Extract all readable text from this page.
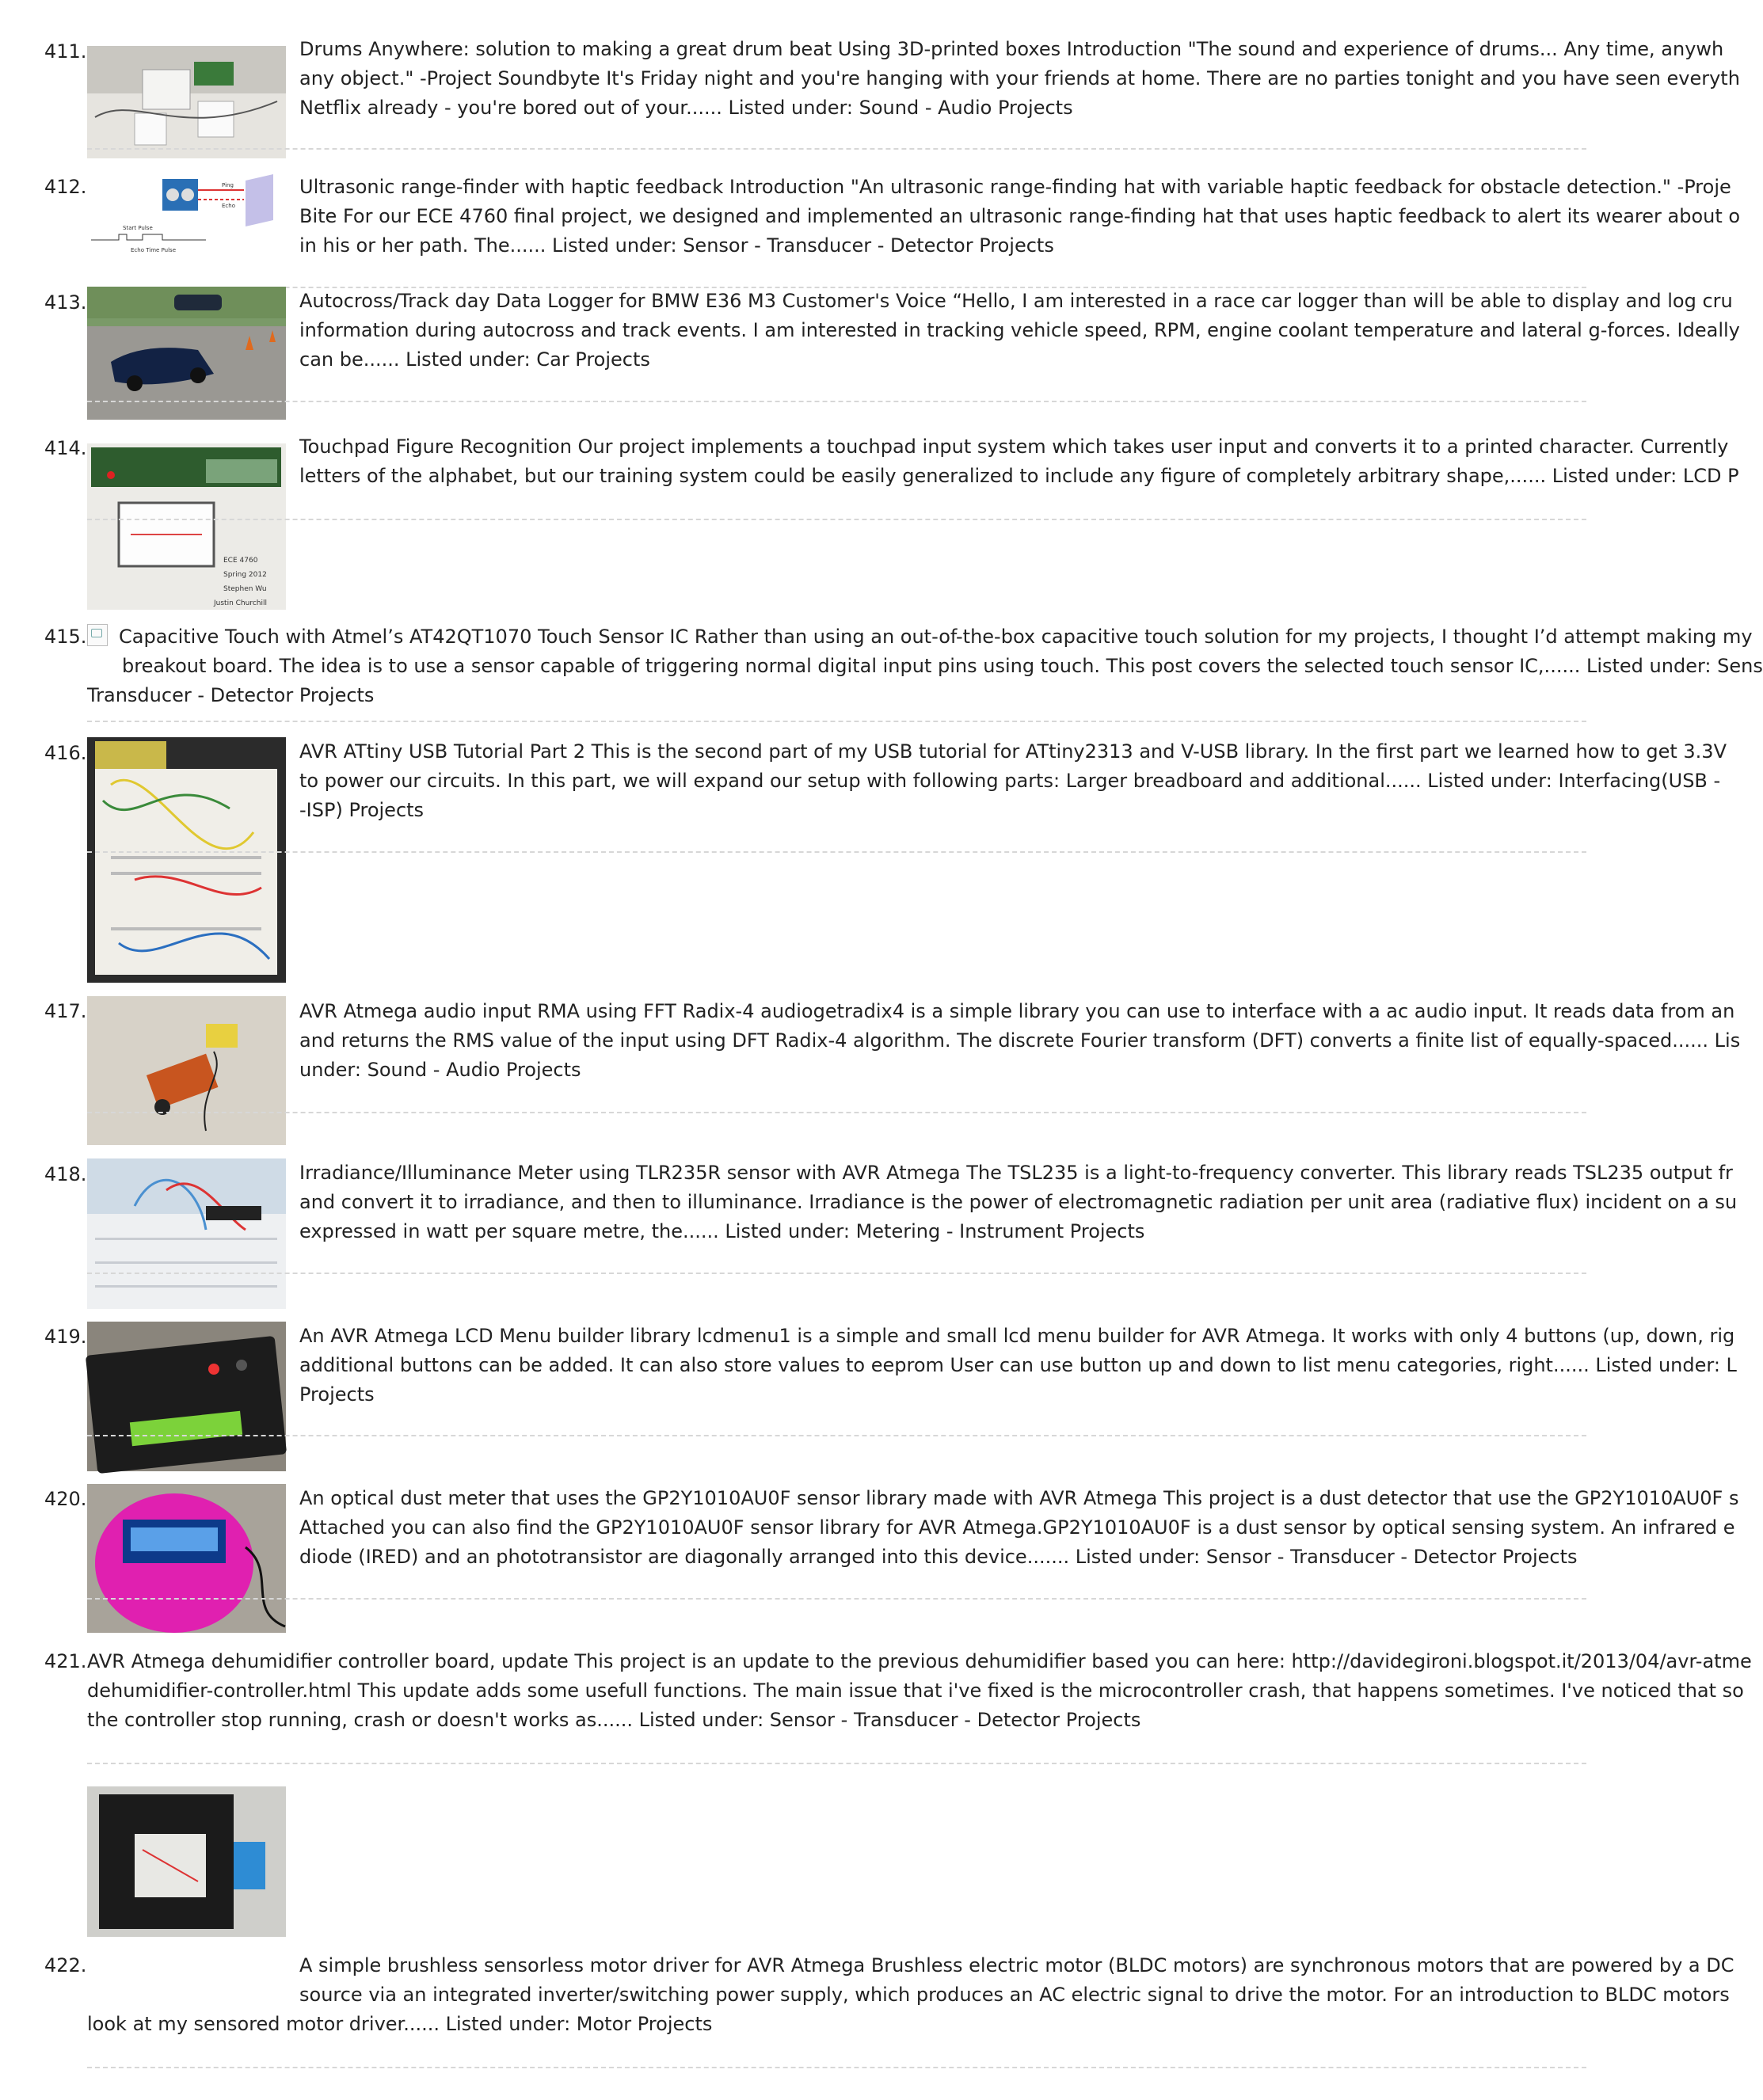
411.	Drums Anywhere: solution to making a great drum beat Using 3D-printed boxes Introduction "The sound and experience of drums... Any time, anywh
any object." -Project Soundbyte It's Friday night and you're hanging with your friends at home. There are no parties tonight and you have seen everyth
Netflix already - you're bored out of your...... Listed under: Sound - Audio Projects
412.	Ping
Echo
Start Pulse
Echo Time Pulse
Ultrasonic range-finder with haptic feedback Introduction "An ultrasonic range-finding hat with variable haptic feedback for obstacle detection." -Proje
Bite For our ECE 4760 final project, we designed and implemented an ultrasonic range-finding hat that uses haptic feedback to alert its wearer about o
in his or her path. The...... Listed under: Sensor - Transducer - Detector Projects
413.	Autocross/Track day Data Logger for BMW E36 M3 Customer's Voice “Hello, I am interested in a race car logger than will be able to display and log cru
information during autocross and track events. I am interested in tracking vehicle speed, RPM, engine coolant temperature and lateral g-forces. Ideally
can be...... Listed under: Car Projects
414.
ECE 4760
Spring 2012
Stephen Wu
Justin Churchill
Touchpad Figure Recognition Our project implements a touchpad input system which takes user input and converts it to a printed character. Currently
letters of the alphabet, but our training system could be easily generalized to include any figure of completely arbitrary shape,...... Listed under: LCD P
415.	Capacitive Touch with Atmel’s AT42QT1070 Touch Sensor IC Rather than using an out-of-the-box capacitive touch solution for my projects, I thought I’d attempt making my
breakout board. The idea is to use a sensor capable of triggering normal digital input pins using touch. This post covers the selected touch sensor IC,...... Listed under: Sens
Transducer - Detector Projects
416.	AVR ATtiny USB Tutorial Part 2 This is the second part of my USB tutorial for ATtiny2313 and V-USB library. In the first part we learned how to get 3.3V
to power our circuits. In this part, we will expand our setup with following parts: Larger breadboard and additional...... Listed under: Interfacing(USB -
-ISP) Projects
417.	AVR Atmega audio input RMA using FFT Radix-4 audiogetradix4 is a simple library you can use to interface with a ac audio input. It reads data from an
and returns the RMS value of the input using DFT Radix-4 algorithm. The discrete Fourier transform (DFT) converts a finite list of equally-spaced...... Lis
under: Sound - Audio Projects
418.	Irradiance/Illuminance Meter using TLR235R sensor with AVR Atmega The TSL235 is a light-to-frequency converter. This library reads TSL235 output fr
and convert it to irradiance, and then to illuminance. Irradiance is the power of electromagnetic radiation per unit area (radiative flux) incident on a su
expressed in watt per square metre, the...... Listed under: Metering - Instrument Projects
419.	An AVR Atmega LCD Menu builder library lcdmenu1 is a simple and small lcd menu builder for AVR Atmega. It works with only 4 buttons (up, down, rig
additional buttons can be added. It can also store values to eeprom User can use button up and down to list menu categories, right...... Listed under: L
Projects
420.	An optical dust meter that uses the GP2Y1010AU0F sensor library made with AVR Atmega This project is a dust detector that use the GP2Y1010AU0F s
Attached you can also find the GP2Y1010AU0F sensor library for AVR Atmega.GP2Y1010AU0F is a dust sensor by optical sensing system. An infrared e
diode (IRED) and an phototransistor are diagonally arranged into this device....... Listed under: Sensor - Transducer - Detector Projects
421. AVR Atmega dehumidifier controller board, update This project is an update to the previous dehumidifier based you can here: http://davidegironi.blogspot.it/2013/04/avr-atme
dehumidifier-controller.html This update adds some usefull functions. The main issue that i've fixed is the microcontroller crash, that happens sometimes. I've noticed that so
the controller stop running, crash or doesn't works as...... Listed under: Sensor - Transducer - Detector Projects
422.	A simple brushless sensorless motor driver for AVR Atmega Brushless electric motor (BLDC motors) are synchronous motors that are powered by a DC
source via an integrated inverter/switching power supply, which produces an AC electric signal to drive the motor. For an introduction to BLDC motors
look at my sensored motor driver...... Listed under: Motor Projects
